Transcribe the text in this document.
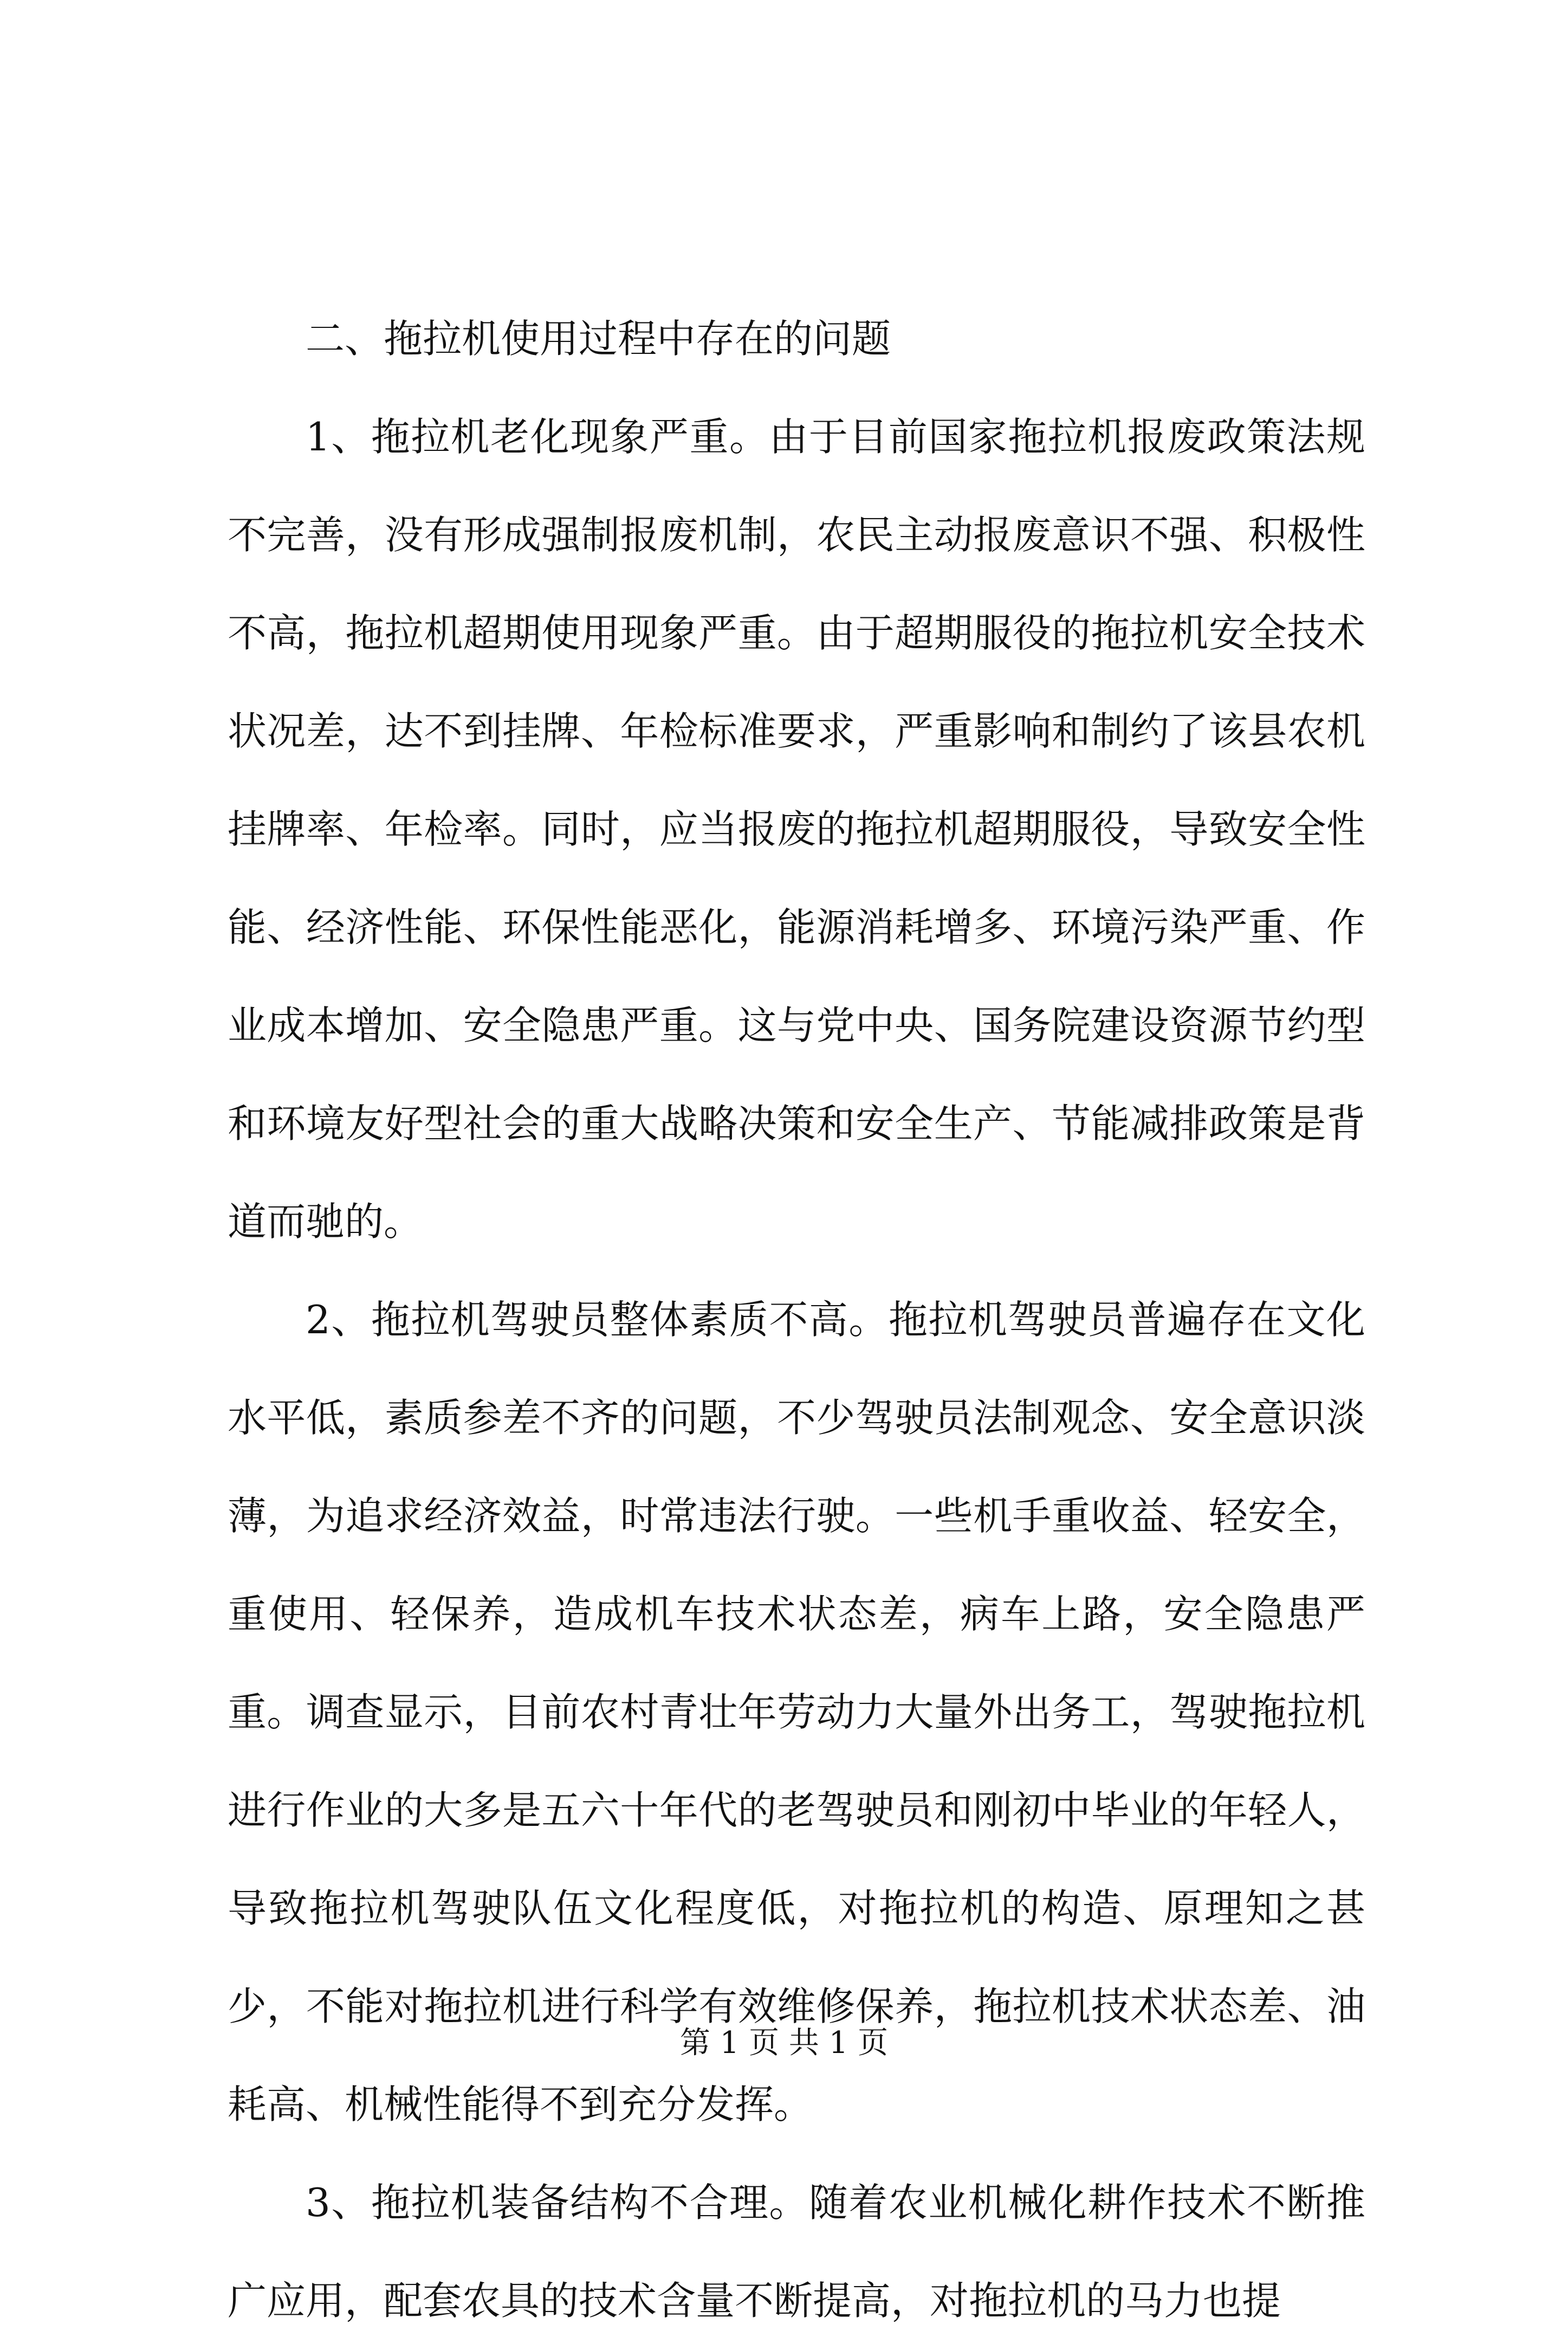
二、拖拉机使用过程中存在的问题

1、拖拉机老化现象严重。由于目前国家拖拉机报废政策法规不完善，没有形成强制报废机制，农民主动报废意识不强、积极性不高，拖拉机超期使用现象严重。由于超期服役的拖拉机安全技术状况差，达不到挂牌、年检标准要求，严重影响和制约了该县农机挂牌率、年检率。同时，应当报废的拖拉机超期服役，导致安全性能、经济性能、环保性能恶化，能源消耗增多、环境污染严重、作业成本增加、安全隐患严重。这与党中央、国务院建设资源节约型和环境友好型社会的重大战略决策和安全生产、节能减排政策是背道而驰的。

2、拖拉机驾驶员整体素质不高。拖拉机驾驶员普遍存在文化水平低，素质参差不齐的问题，不少驾驶员法制观念、安全意识淡薄，为追求经济效益，时常违法行驶。一些机手重收益、轻安全，重使用、轻保养，造成机车技术状态差，病车上路，安全隐患严重。调查显示，目前农村青壮年劳动力大量外出务工，驾驶拖拉机进行作业的大多是五六十年代的老驾驶员和刚初中毕业的年轻人，导致拖拉机驾驶队伍文化程度低，对拖拉机的构造、原理知之甚少，不能对拖拉机进行科学有效维修保养，拖拉机技术状态差、油耗高、机械性能得不到充分发挥。

3、拖拉机装备结构不合理。随着农业机械化耕作技术不断推广应用，配套农具的技术含量不断提高，对拖拉机的马力也提

第 1 页 共 1 页
